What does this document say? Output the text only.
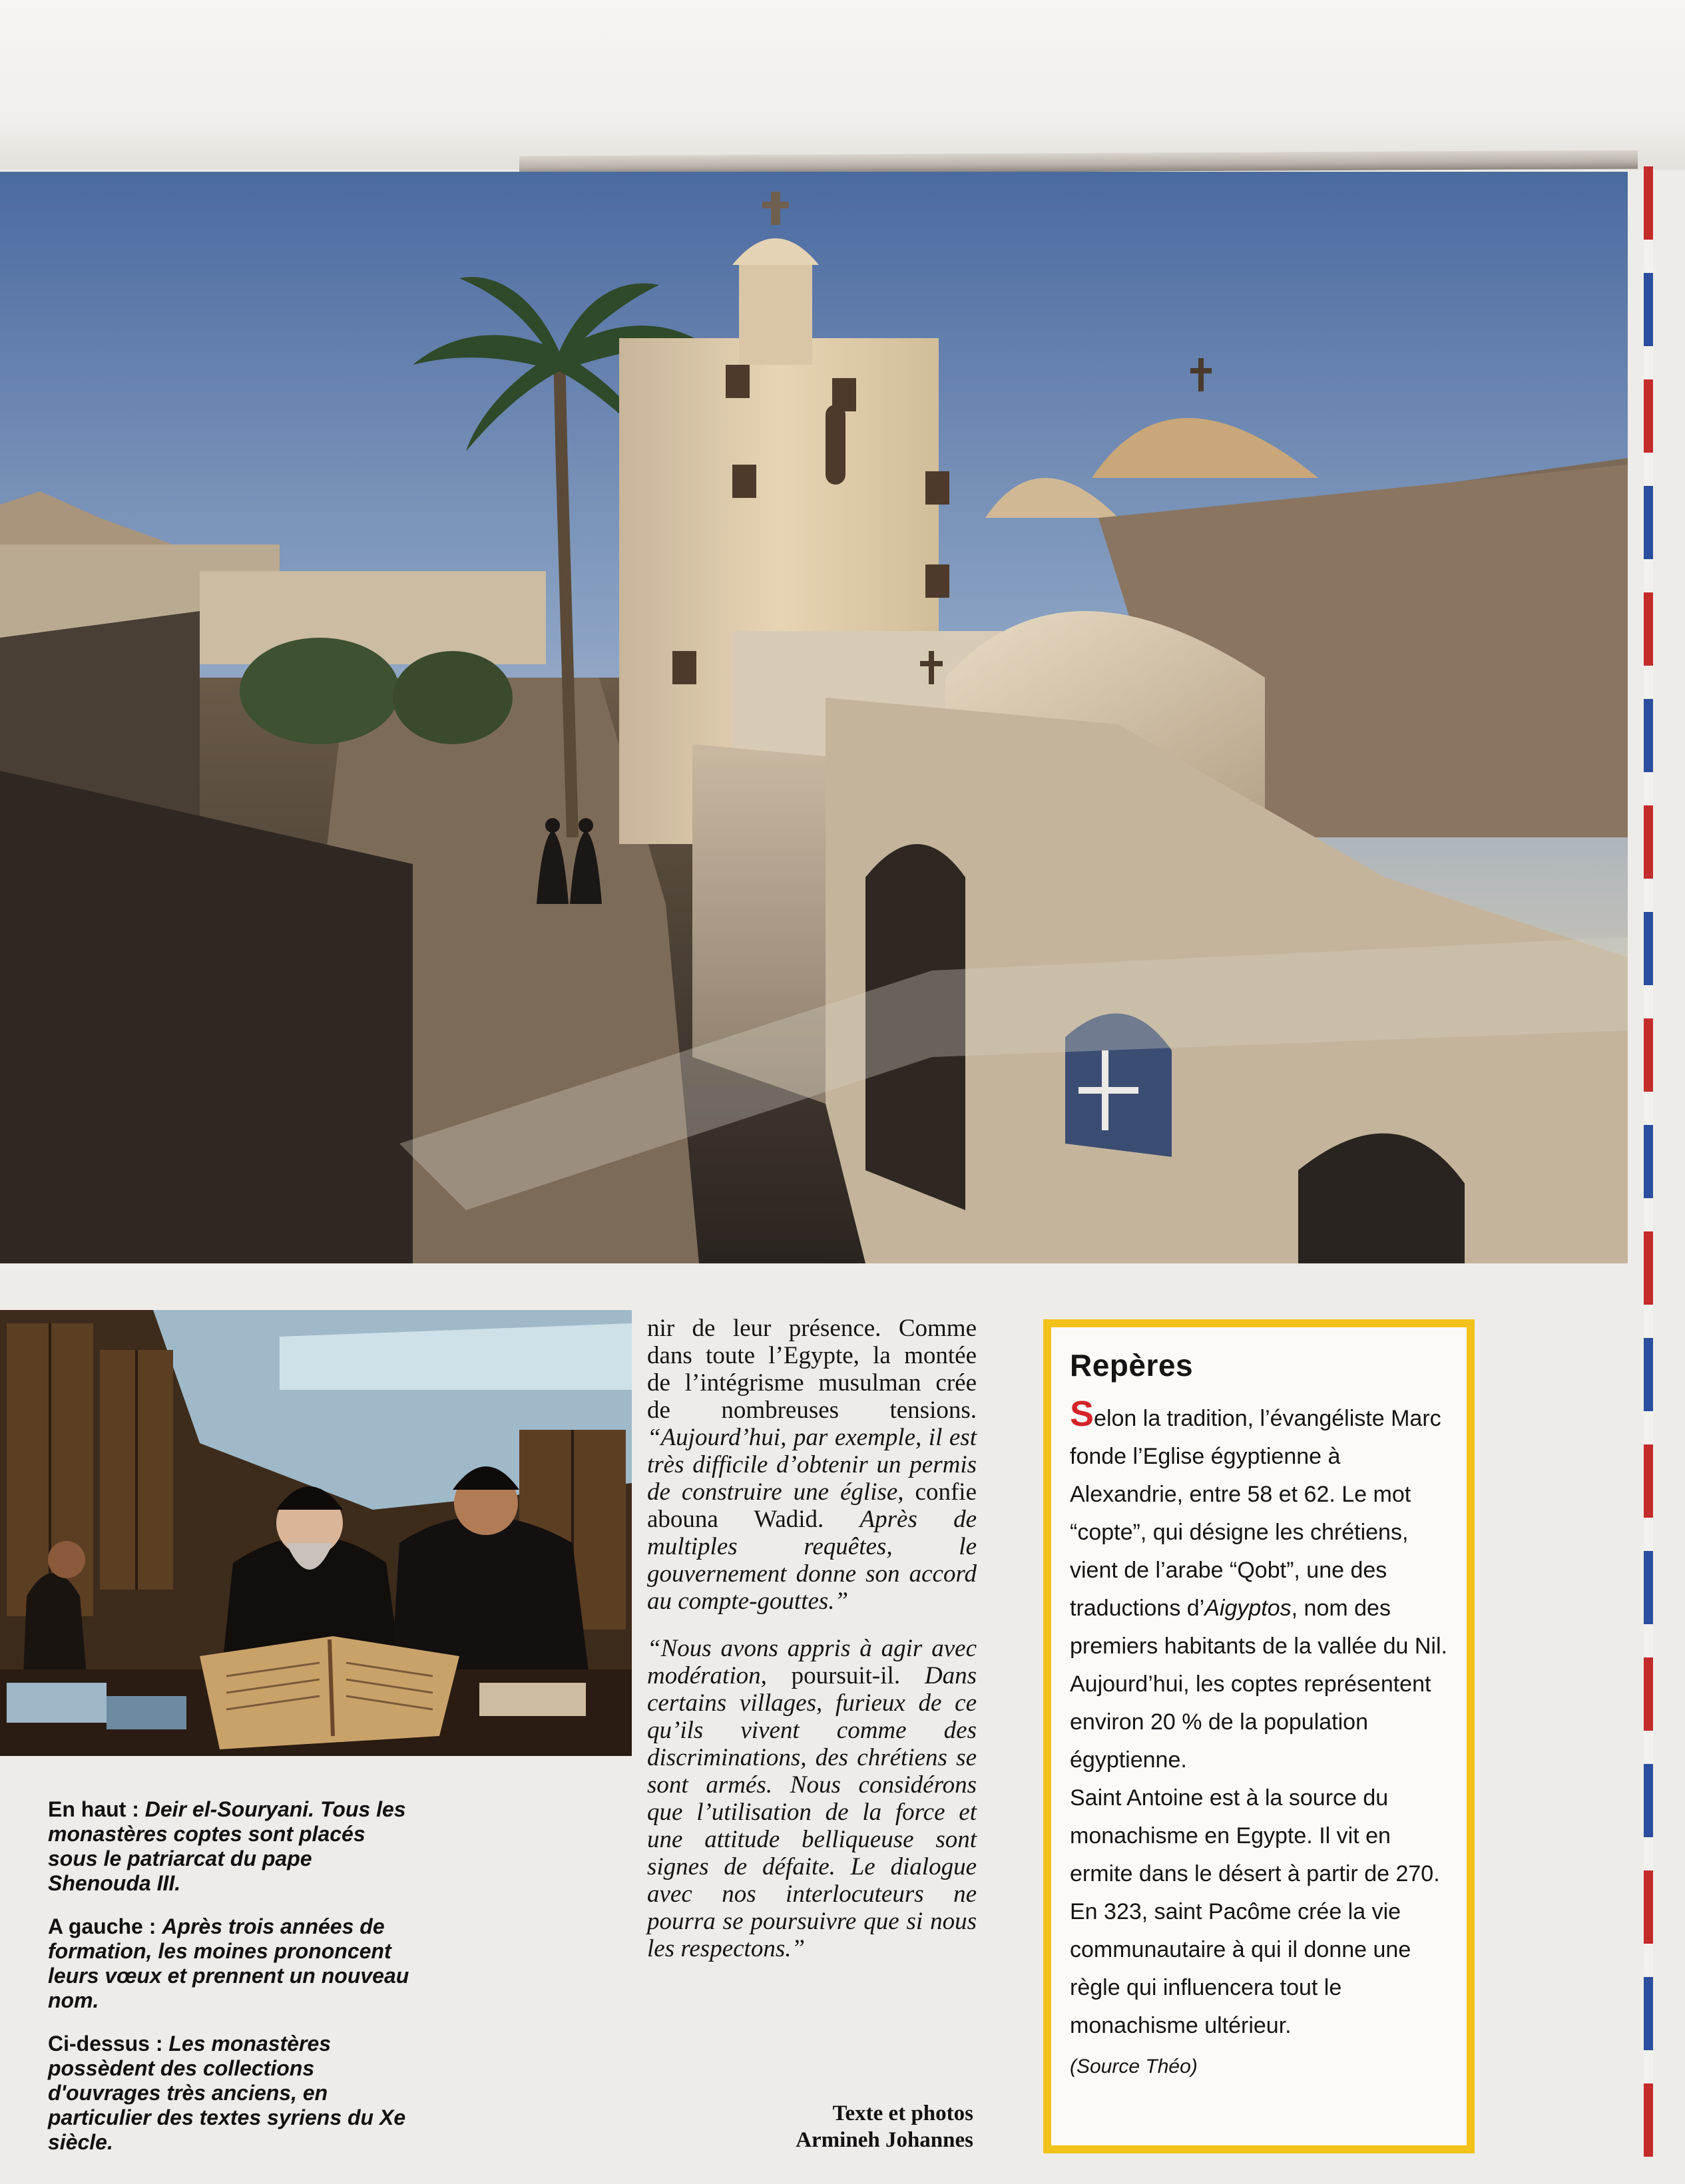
En haut : Deir el-Souryani. Tous les monastères coptes sont placés sous le patriarcat du pape Shenouda III.

A gauche : Après trois années de formation, les moines prononcent leurs vœux et prennent un nouveau nom.

Ci-dessus : Les monastères possèdent des collections d'ouvrages très anciens, en particulier des textes syriens du Xe siècle.

nir de leur présence. Comme dans toute l’Egypte, la montée de l’intégrisme musulman crée de nombreuses tensions. “Aujourd’hui, par exemple, il est très difficile d’obtenir un permis de construire une église, confie abouna Wadid. Après de multiples requêtes, le gouvernement donne son accord au compte-gouttes.”

“Nous avons appris à agir avec modération, poursuit-il. Dans certains villages, furieux de ce qu’ils vivent comme des discriminations, des chrétiens se sont armés. Nous considérons que l’utilisation de la force et une attitude belliqueuse sont signes de défaite. Le dialogue avec nos interlocuteurs ne pourra se poursuivre que si nous les respectons.”

Texte et photos
Armineh Johannes
Repères

Selon la tradition, l’évangéliste Marc fonde l’Eglise égyptienne à Alexandrie, entre 58 et 62. Le mot “copte”, qui désigne les chrétiens, vient de l’arabe “Qobt”, une des traductions d’Aigyptos, nom des premiers habitants de la vallée du Nil. Aujourd’hui, les coptes représentent environ 20 % de la population égyptienne.

Saint Antoine est à la source du monachisme en Egypte. Il vit en ermite dans le désert à partir de 270. En 323, saint Pacôme crée la vie communautaire à qui il donne une règle qui influencera tout le monachisme ultérieur.

(Source Théo)
